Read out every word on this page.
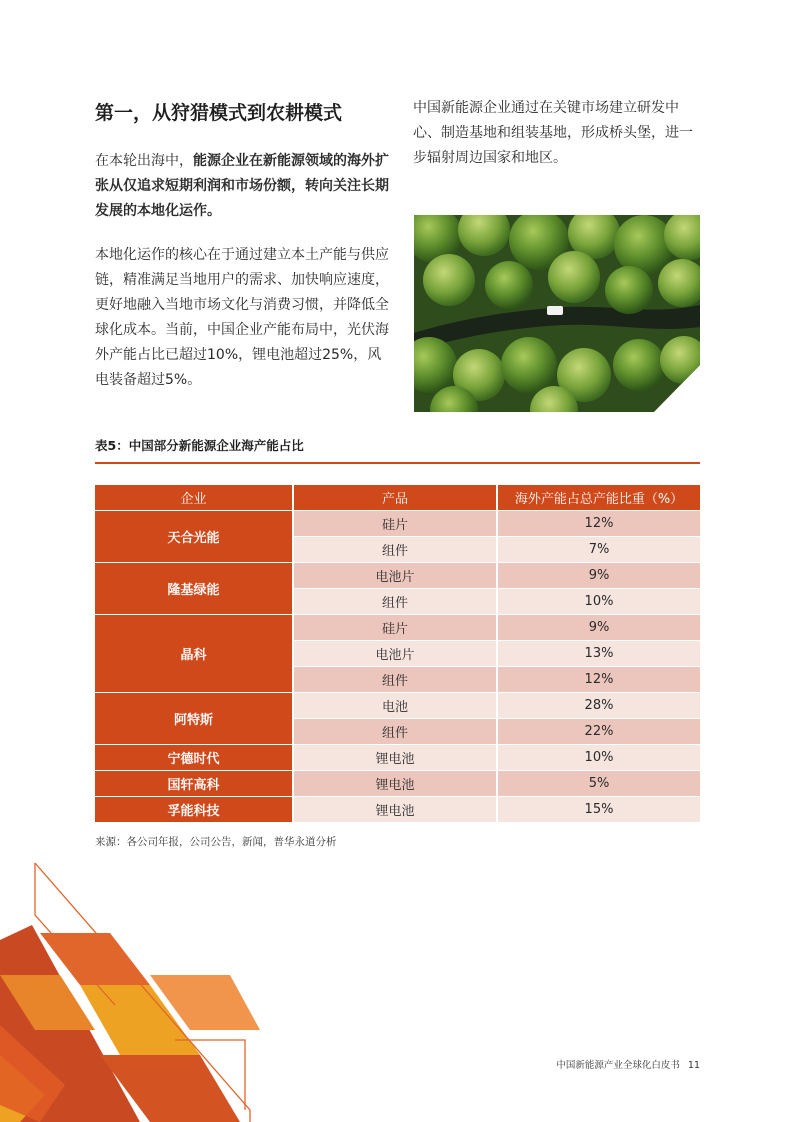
第一，从狩猎模式到农耕模式

在本轮出海中，能源企业在新能源领域的海外扩张从仅追求短期利润和市场份额，转向关注长期发展的本地化运作。

本地化运作的核心在于通过建立本土产能与供应链，精准满足当地用户的需求、加快响应速度，更好地融入当地市场文化与消费习惯，并降低全球化成本。当前，中国企业产能布局中，光伏海外产能占比已超过10%，锂电池超过25%，风电装备超过5%。

中国新能源企业通过在关键市场建立研发中心、制造基地和组装基地，形成桥头堡，进一步辐射周边国家和地区。

表5：中国部分新能源企业海产能占比

企业	产品	海外产能占总产能比重（%）
天合光能	硅片	12%
	组件	7%
隆基绿能	电池片	9%
	组件	10%
晶科	硅片	9%
	电池片	13%
	组件	12%
阿特斯	电池	28%
	组件	22%
宁德时代	锂电池	10%
国轩高科	锂电池	5%
孚能科技	锂电池	15%

来源：各公司年报，公司公告，新闻，普华永道分析

中国新能源产业全球化白皮书 11
